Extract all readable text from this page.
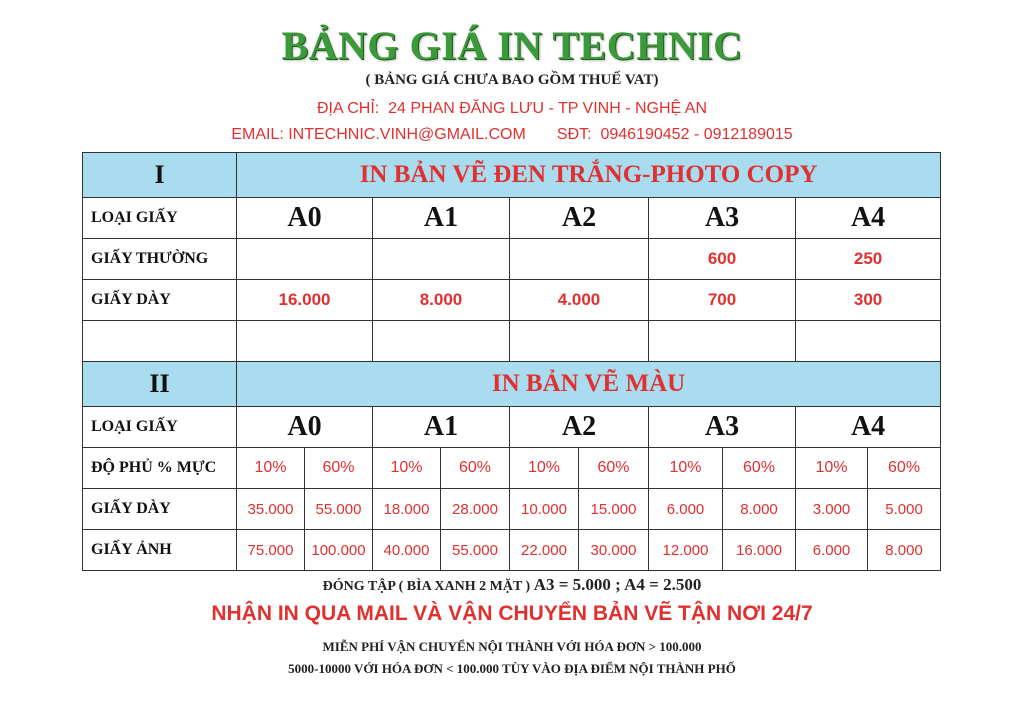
BẢNG GIÁ IN TECHNIC
( BẢNG GIÁ CHƯA BAO GỒM THUẾ VAT)
ĐỊA CHỈ:  24 PHAN ĐĂNG LƯU - TP VINH - NGHỆ AN
EMAIL: INTECHNIC.VINH@GMAIL.COM       SĐT:  0946190452 - 0912189015
I	IN BẢN VẼ ĐEN TRẮNG-PHOTO COPY									
LOẠI GIẤY	A0		A1		A2		A3		A4	
GIẤY THƯỜNG							600		250	
GIẤY DÀY	16.000		8.000		4.000		700		300	

II	IN BẢN VẼ MÀU									
LOẠI GIẤY	A0		A1		A2		A3		A4	
ĐỘ PHỦ % MỰC	10%	60%	10%	60%	10%	60%	10%	60%	10%	60%
GIẤY DÀY	35.000	55.000	18.000	28.000	10.000	15.000	6.000	8.000	3.000	5.000
GIẤY ẢNH	75.000	100.000	40.000	55.000	22.000	30.000	12.000	16.000	6.000	8.000
ĐÓNG TẬP ( BÌA XANH 2 MẶT ) A3 = 5.000 ; A4 = 2.500
NHẬN IN QUA MAIL VÀ VẬN CHUYỂN BẢN VẼ TẬN NƠI 24/7
MIỄN PHÍ VẬN CHUYỂN NỘI THÀNH VỚI HÓA ĐƠN > 100.000
5000-10000 VỚI HÓA ĐƠN < 100.000 TÙY VÀO ĐỊA ĐIỂM NỘI THÀNH PHỐ
